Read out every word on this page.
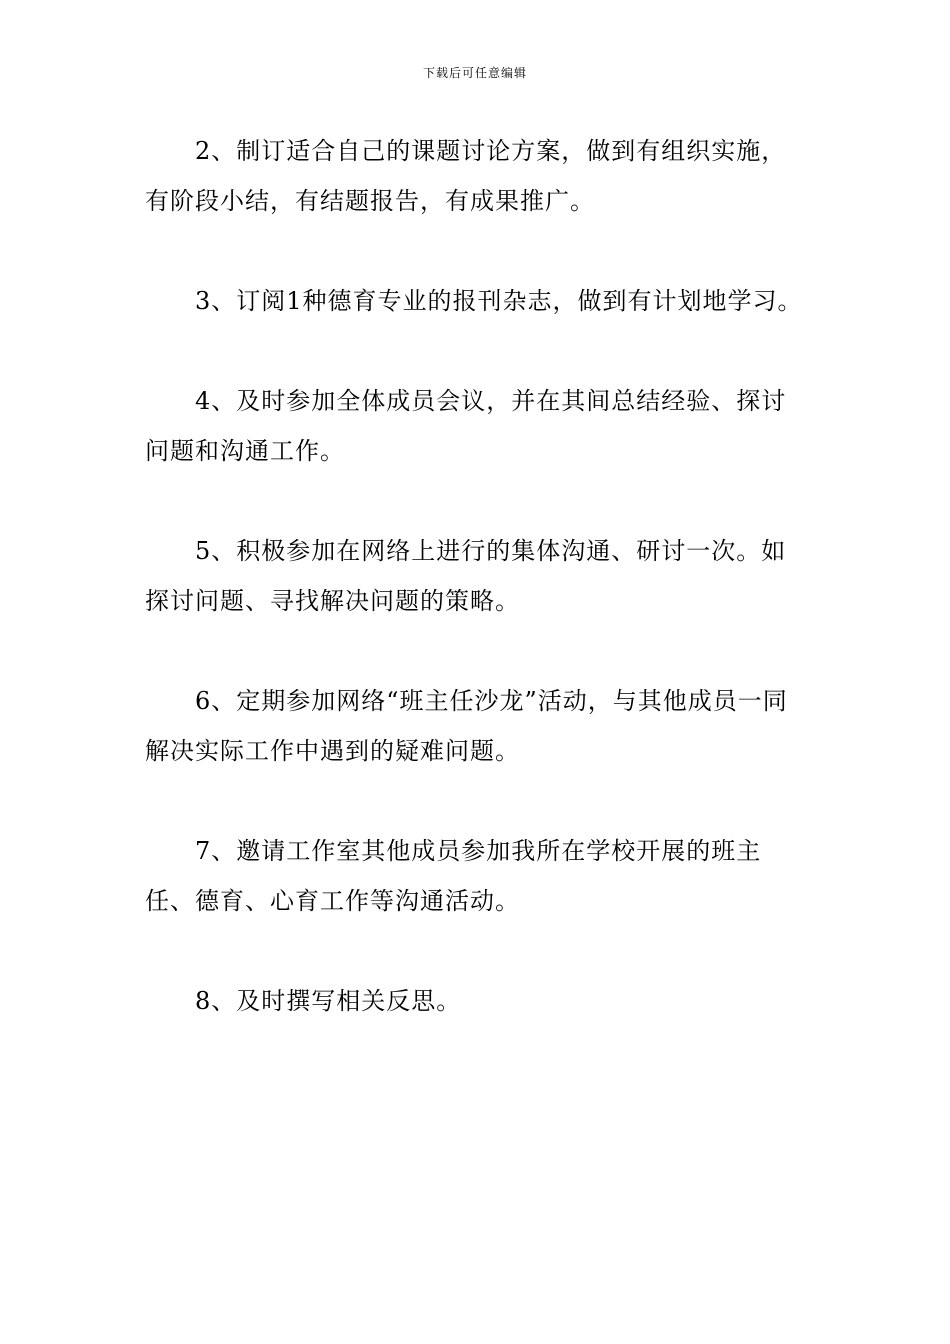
下载后可任意编辑

2、制订适合自己的课题讨论方案，做到有组织实施，有阶段小结，有结题报告，有成果推广。

3、订阅1种德育专业的报刊杂志，做到有计划地学习。

4、及时参加全体成员会议，并在其间总结经验、探讨问题和沟通工作。

5、积极参加在网络上进行的集体沟通、研讨一次。如探讨问题、寻找解决问题的策略。

6、定期参加网络“班主任沙龙”活动，与其他成员一同解决实际工作中遇到的疑难问题。

7、邀请工作室其他成员参加我所在学校开展的班主任、德育、心育工作等沟通活动。

8、及时撰写相关反思。
